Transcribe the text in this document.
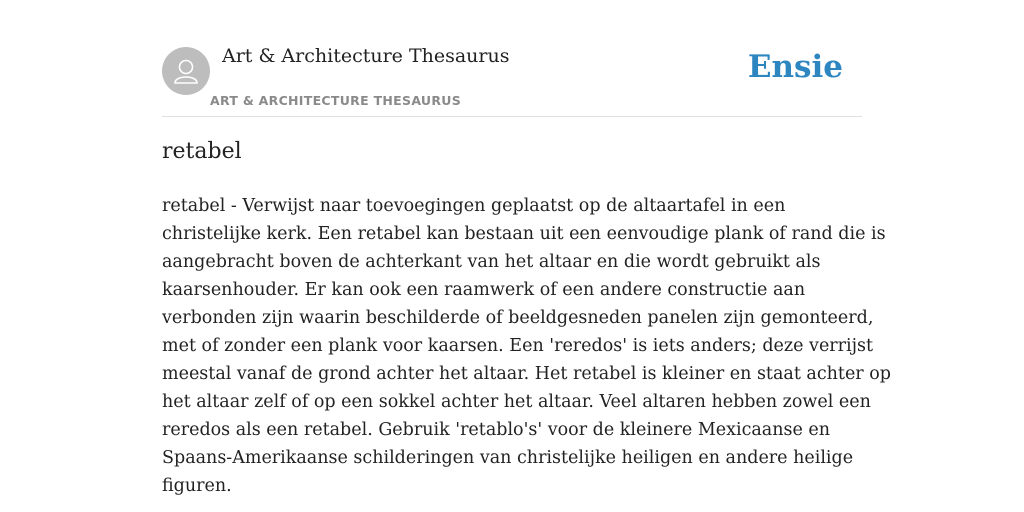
Art & Architecture Thesaurus
ART & ARCHITECTURE THESAURUS
Ensie
retabel
retabel - Verwijst naar toevoegingen geplaatst op de altaartafel in een
christelijke kerk. Een retabel kan bestaan uit een eenvoudige plank of rand die is
aangebracht boven de achterkant van het altaar en die wordt gebruikt als
kaarsenhouder. Er kan ook een raamwerk of een andere constructie aan
verbonden zijn waarin beschilderde of beeldgesneden panelen zijn gemonteerd,
met of zonder een plank voor kaarsen. Een 'reredos' is iets anders; deze verrijst
meestal vanaf de grond achter het altaar. Het retabel is kleiner en staat achter op
het altaar zelf of op een sokkel achter het altaar. Veel altaren hebben zowel een
reredos als een retabel. Gebruik 'retablo's' voor de kleinere Mexicaanse en
Spaans-Amerikaanse schilderingen van christelijke heiligen en andere heilige
figuren.
